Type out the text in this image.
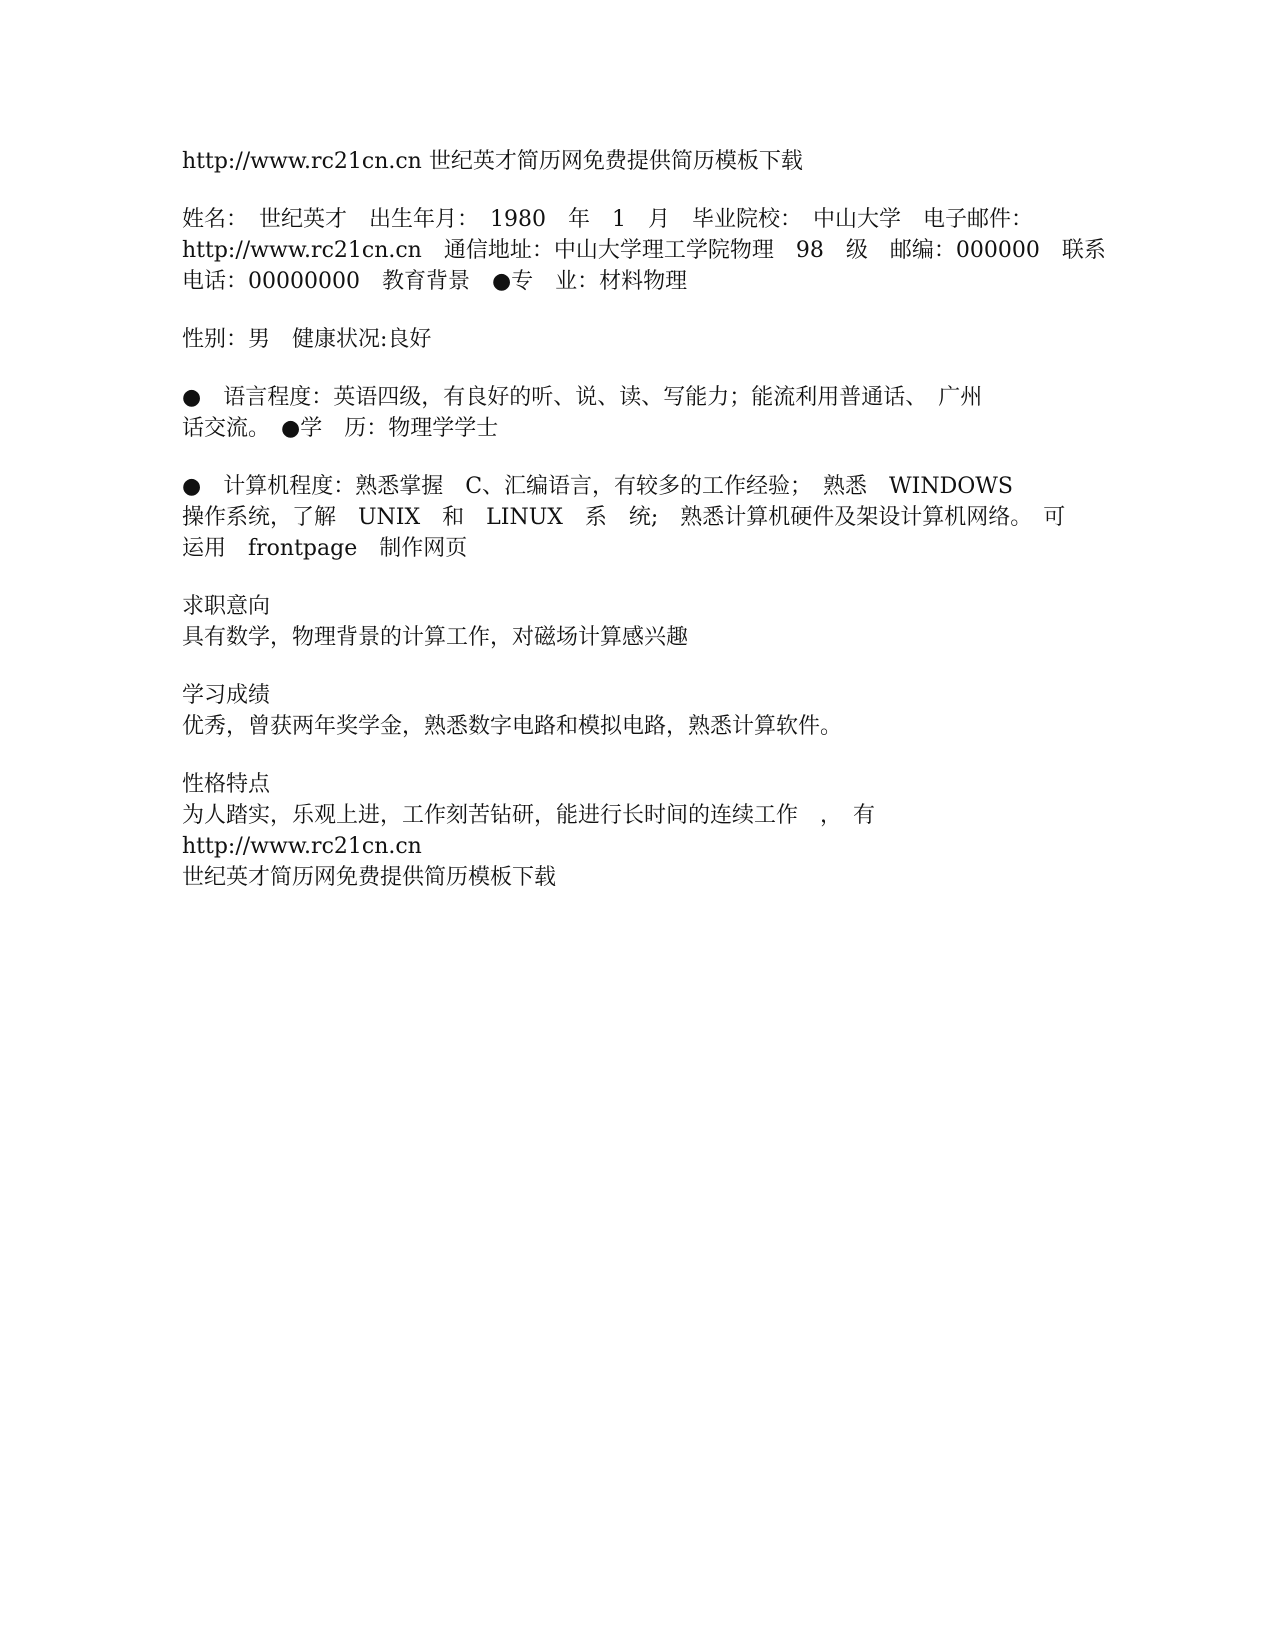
http://www.rc21cn.cn 世纪英才简历网免费提供简历模板下载

姓名：　世纪英才　出生年月：　1980　年　1　月　毕业院校：　中山大学　电子邮件：
http://www.rc21cn.cn　通信地址：中山大学理工学院物理　98　级　邮编：000000　联系
电话：00000000　教育背景　●专　业：材料物理

性别：男　健康状况:良好

●　语言程度：英语四级，有良好的听、说、读、写能力；能流利用普通话、　广州
话交流。　●学　历：物理学学士

●　计算机程度：熟悉掌握　C、汇编语言，有较多的工作经验；　熟悉　WINDOWS
操作系统，了解　UNIX　和　LINUX　系　统;　熟悉计算机硬件及架设计算机网络。　可
运用　frontpage　制作网页

求职意向
具有数学，物理背景的计算工作，对磁场计算感兴趣

学习成绩
优秀，曾获两年奖学金，熟悉数字电路和模拟电路，熟悉计算软件。

性格特点
为人踏实，乐观上进，工作刻苦钻研，能进行长时间的连续工作　，　有
http://www.rc21cn.cn
世纪英才简历网免费提供简历模板下载
